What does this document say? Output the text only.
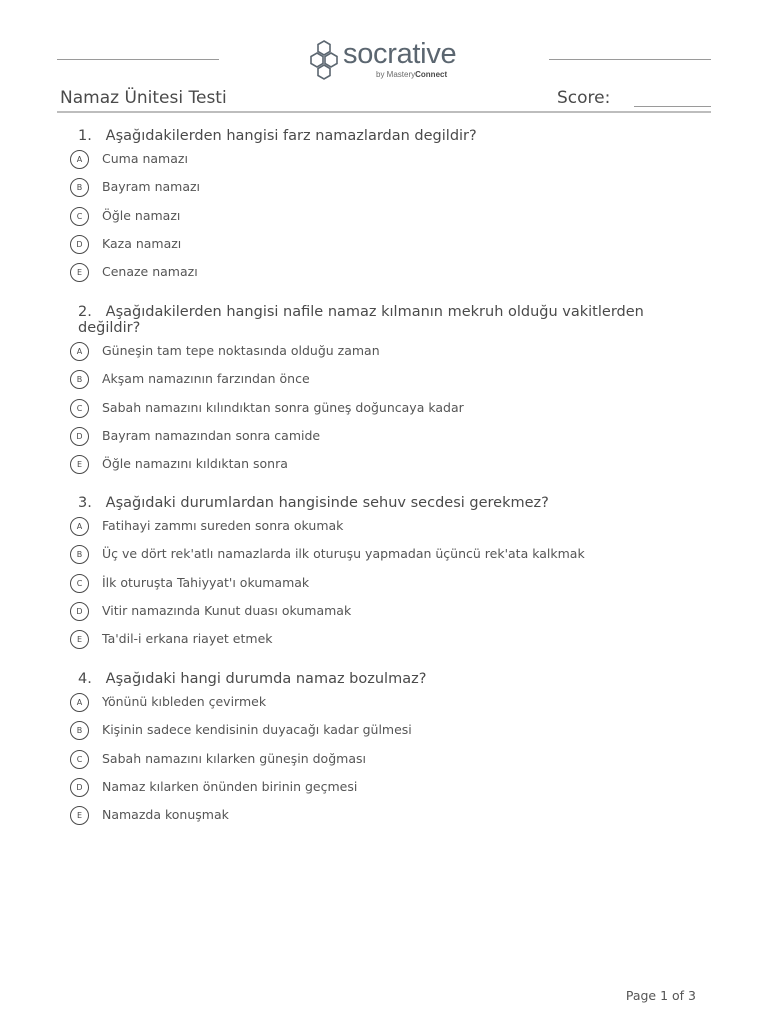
socrative
by MasteryConnect
Namaz Ünitesi Testi	Score:
1. Aşağıdakilerden hangisi farz namazlardan degildir?
A	Cuma namazı
B	Bayram namazı
C	Öğle namazı
D	Kaza namazı
E	Cenaze namazı
2. Aşağıdakilerden hangisi nafile namaz kılmanın mekruh olduğu vakitlerden değildir?
A	Güneşin tam tepe noktasında olduğu zaman
B	Akşam namazının farzından önce
C	Sabah namazını kılındıktan sonra güneş doğuncaya kadar
D	Bayram namazından sonra camide
E	Öğle namazını kıldıktan sonra
3. Aşağıdaki durumlardan hangisinde sehuv secdesi gerekmez?
A	Fatihayi zammı sureden sonra okumak
B	Üç ve dört rek'atlı namazlarda ilk oturuşu yapmadan üçüncü rek'ata kalkmak
C	İlk oturuşta Tahiyyat'ı okumamak
D	Vitir namazında Kunut duası okumamak
E	Ta'dil-i erkana riayet etmek
4. Aşağıdaki hangi durumda namaz bozulmaz?
A	Yönünü kıbleden çevirmek
B	Kişinin sadece kendisinin duyacağı kadar gülmesi
C	Sabah namazını kılarken güneşin doğması
D	Namaz kılarken önünden birinin geçmesi
E	Namazda konuşmak
Page 1 of 3
